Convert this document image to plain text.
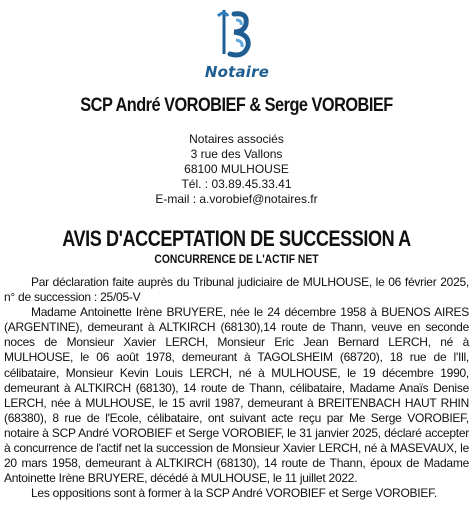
Notaire
SCP André VOROBIEF & Serge VOROBIEF
Notaires associés
3 rue des Vallons
68100 MULHOUSE
Tél. : 03.89.45.33.41
E-mail : a.vorobief@notaires.fr
AVIS D'ACCEPTATION DE SUCCESSION A
CONCURRENCE DE L'ACTIF NET

Par déclaration faite auprès du Tribunal judiciaire de MULHOUSE, le 06 février 2025, n° de succession : 25/05-V

Madame Antoinette Irène BRUYERE, née le 24 décembre 1958 à BUENOS AIRES (ARGENTINE), demeurant à ALTKIRCH (68130),14 route de Thann, veuve en seconde noces de Monsieur Xavier LERCH, Monsieur Eric Jean Bernard LERCH, né à MULHOUSE, le 06 août 1978, demeurant à TAGOLSHEIM (68720), 18 rue de l'Ill, célibataire, Monsieur Kevin Louis LERCH, né à MULHOUSE, le 19 décembre 1990, demeurant à ALTKIRCH (68130), 14 route de Thann, célibataire, Madame Anaïs Denise LERCH, née à MULHOUSE, le 15 avril 1987, demeurant à BREITENBACH HAUT RHIN (68380), 8 rue de l'Ecole, célibataire, ont suivant acte reçu par Me Serge VOROBIEF, notaire à SCP André VOROBIEF et Serge VOROBIEF, le 31 janvier 2025, déclaré accepter à concurrence de l'actif net la succession de Monsieur Xavier LERCH, né à MASEVAUX, le 20 mars 1958, demeurant à ALTKIRCH (68130), 14 route de Thann, époux de Madame Antoinette Irène BRUYERE, décédé à MULHOUSE, le 11 juillet 2022.

Les oppositions sont à former à la SCP André VOROBIEF et Serge VOROBIEF.
